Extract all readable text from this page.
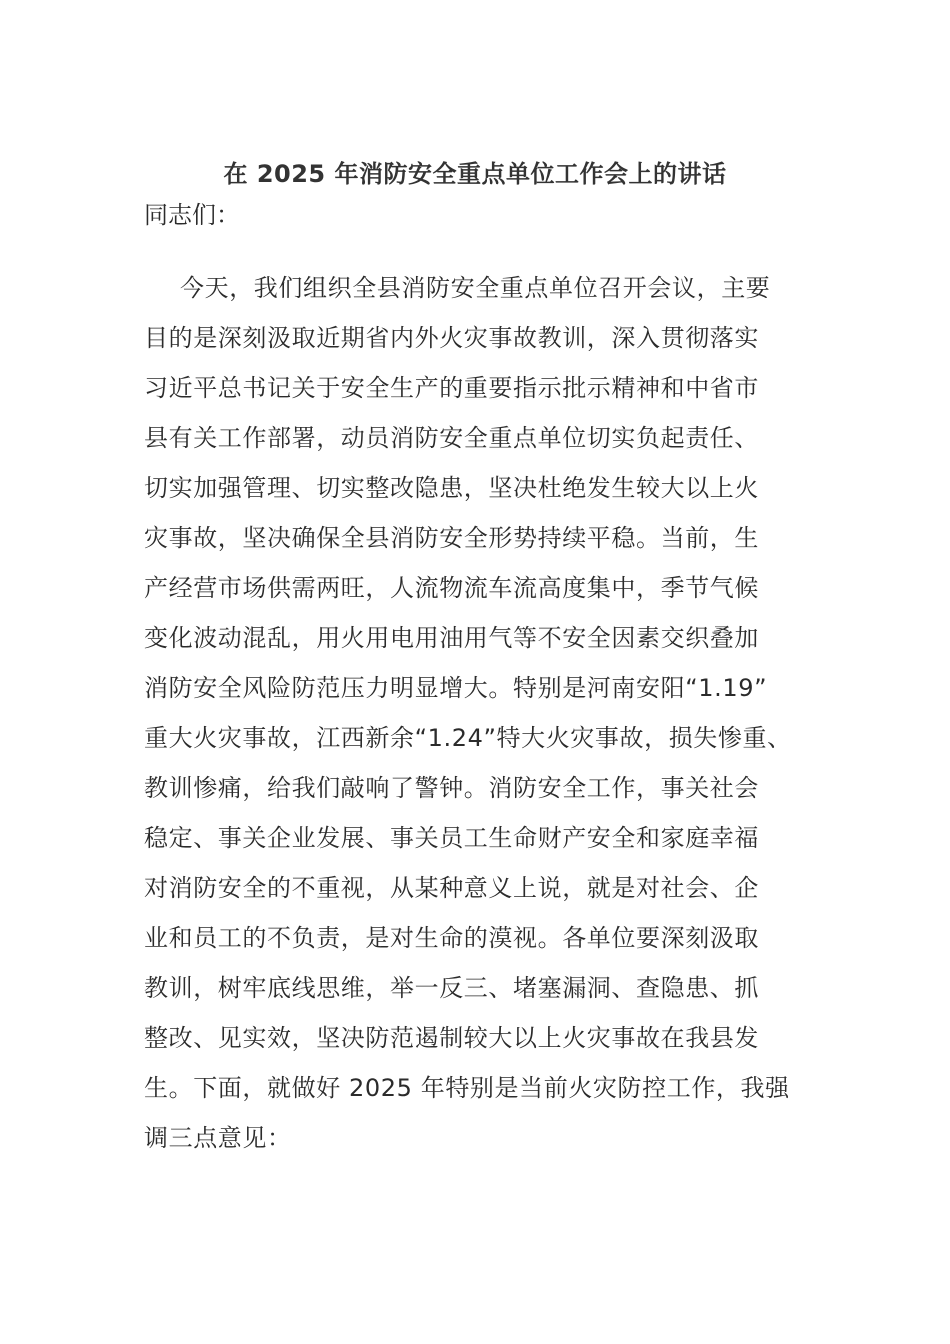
在 2025 年消防安全重点单位工作会上的讲话
同志们：
今天，我们组织全县消防安全重点单位召开会议，主要
目的是深刻汲取近期省内外火灾事故教训，深入贯彻落实
习近平总书记关于安全生产的重要指示批示精神和中省市
县有关工作部署，动员消防安全重点单位切实负起责任、
切实加强管理、切实整改隐患，坚决杜绝发生较大以上火
灾事故，坚决确保全县消防安全形势持续平稳。当前，生
产经营市场供需两旺，人流物流车流高度集中，季节气候
变化波动混乱，用火用电用油用气等不安全因素交织叠加
消防安全风险防范压力明显增大。特别是河南安阳“1.19”
重大火灾事故，江西新余“1.24”特大火灾事故，损失惨重、
教训惨痛，给我们敲响了警钟。消防安全工作，事关社会
稳定、事关企业发展、事关员工生命财产安全和家庭幸福
对消防安全的不重视，从某种意义上说，就是对社会、企
业和员工的不负责，是对生命的漠视。各单位要深刻汲取
教训，树牢底线思维，举一反三、堵塞漏洞、查隐患、抓
整改、见实效，坚决防范遏制较大以上火灾事故在我县发
生。下面，就做好 2025 年特别是当前火灾防控工作，我强
调三点意见：
